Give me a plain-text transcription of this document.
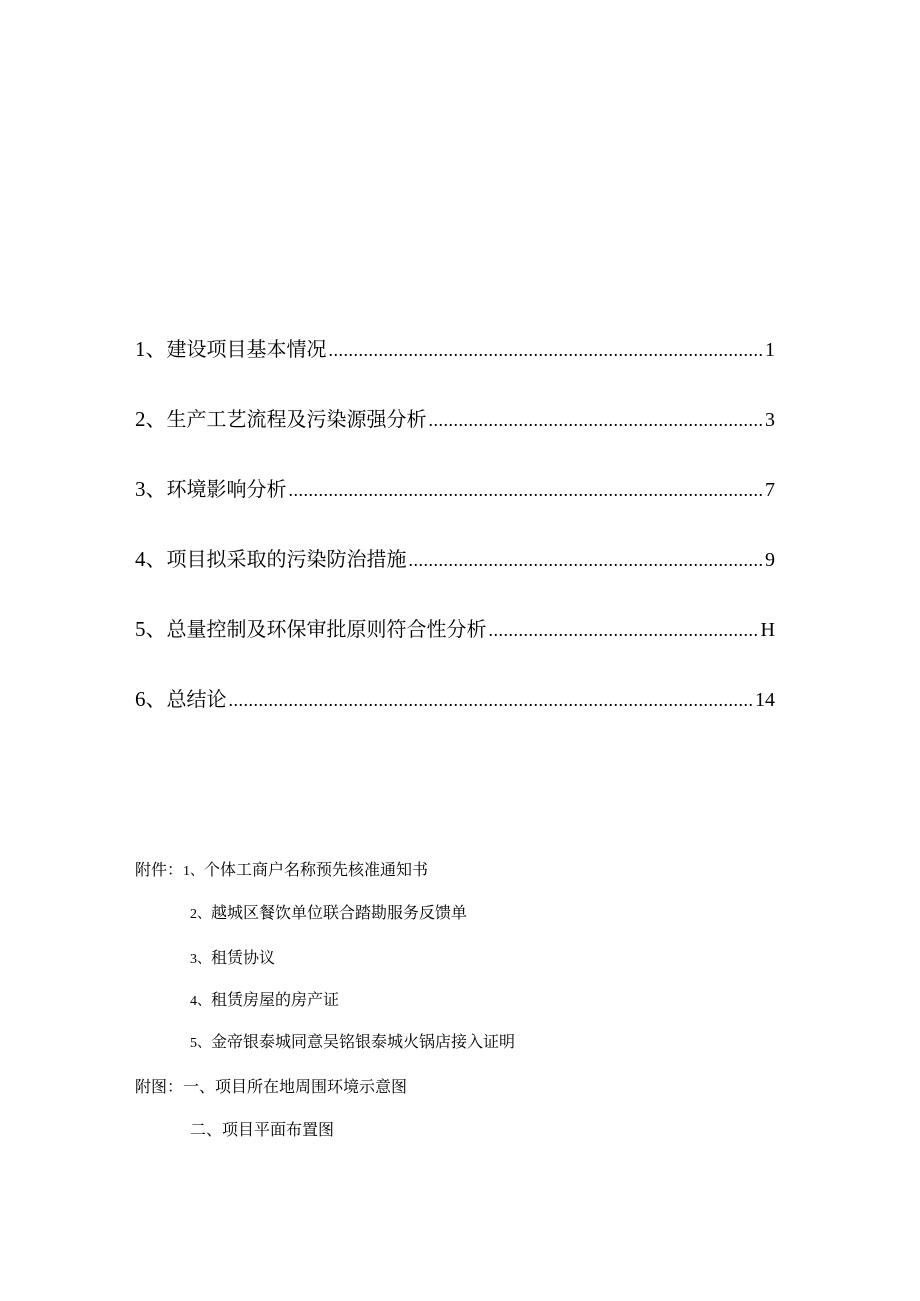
1、 建设项目基本情况 .....	1
2、 生产工艺流程及污染源强分析 .....	3
3、 环境影响分析 .....	7
4、 项目拟采取的污染防治措施 .....	9
5、 总量控制及环保审批原则符合性分析 .....	H
6、 总结论 .....	14
附件：1、个体工商户名称预先核准通知书
2、越城区餐饮单位联合踏勘服务反馈单
3、租赁协议
4、租赁房屋的房产证
5、金帝银泰城同意吴铭银泰城火锅店接入证明
附图：一、项目所在地周围环境示意图
二、项目平面布置图
